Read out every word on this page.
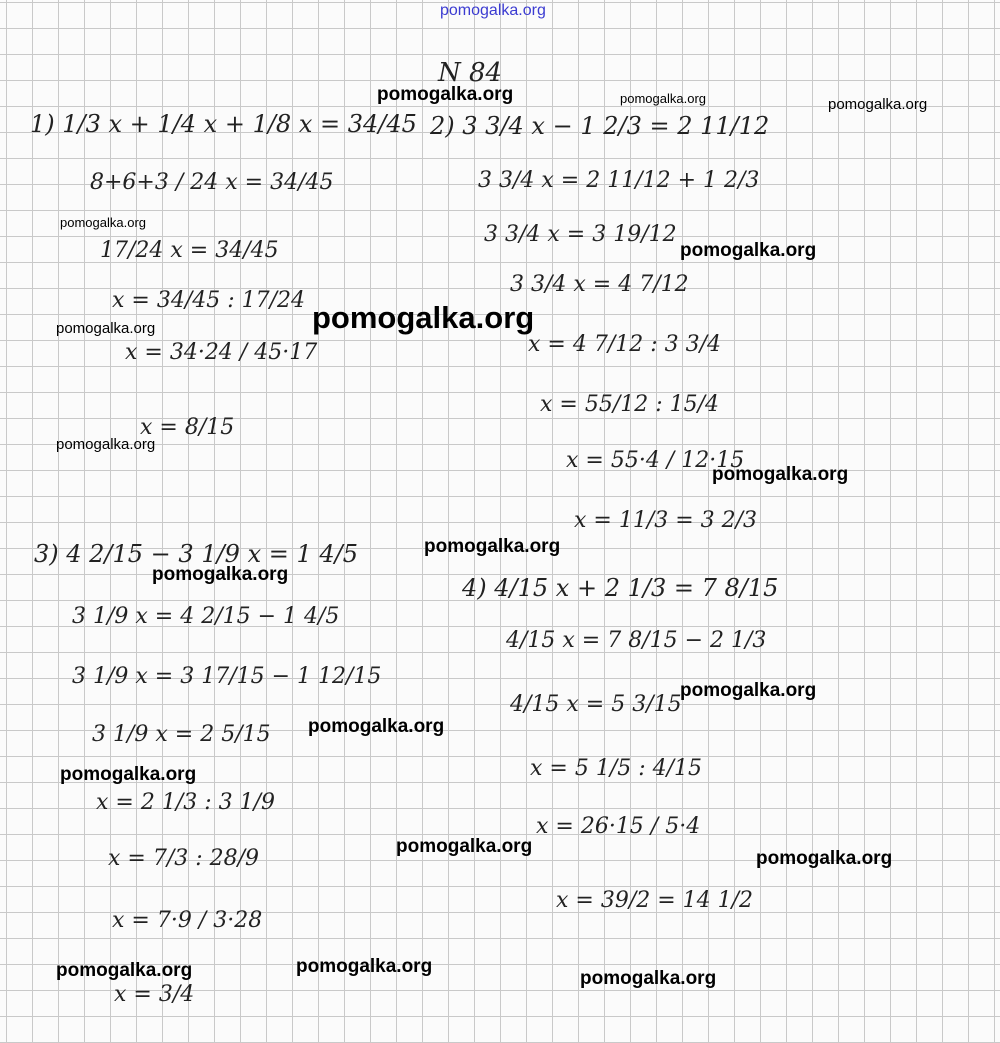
pomogalka.org
N 84
1) 1/3 x + 1/4 x + 1/8 x = 34/45
8+6+3 / 24 x = 34/45
17/24 x = 34/45
x = 34/45 : 17/24
x = 34·24 / 45·17
x = 8/15
2) 3 3/4 x − 1 2/3 = 2 11/12
3 3/4 x = 2 11/12 + 1 2/3
3 3/4 x = 3 19/12
3 3/4 x = 4 7/12
x = 4 7/12 : 3 3/4
x = 55/12 : 15/4
x = 55·4 / 12·15
x = 11/3 = 3 2/3
3) 4 2/15 − 3 1/9 x = 1 4/5
3 1/9 x = 4 2/15 − 1 4/5
3 1/9 x = 3 17/15 − 1 12/15
3 1/9 x = 2 5/15
x = 2 1/3 : 3 1/9
x = 7/3 : 28/9
x = 7·9 / 3·28
x = 3/4
4) 4/15 x + 2 1/3 = 7 8/15
4/15 x = 7 8/15 − 2 1/3
4/15 x = 5 3/15
x = 5 1/5 : 4/15
x = 26·15 / 5·4
x = 39/2 = 14 1/2
pomogalka.org	pomogalka.org	pomogalka.org
pomogalka.org
pomogalka.org
pomogalka.org
pomogalka.org
pomogalka.org
pomogalka.org
pomogalka.org
pomogalka.org
pomogalka.org
pomogalka.org
pomogalka.org
pomogalka.org
pomogalka.org
pomogalka.org	pomogalka.org
pomogalka.org
